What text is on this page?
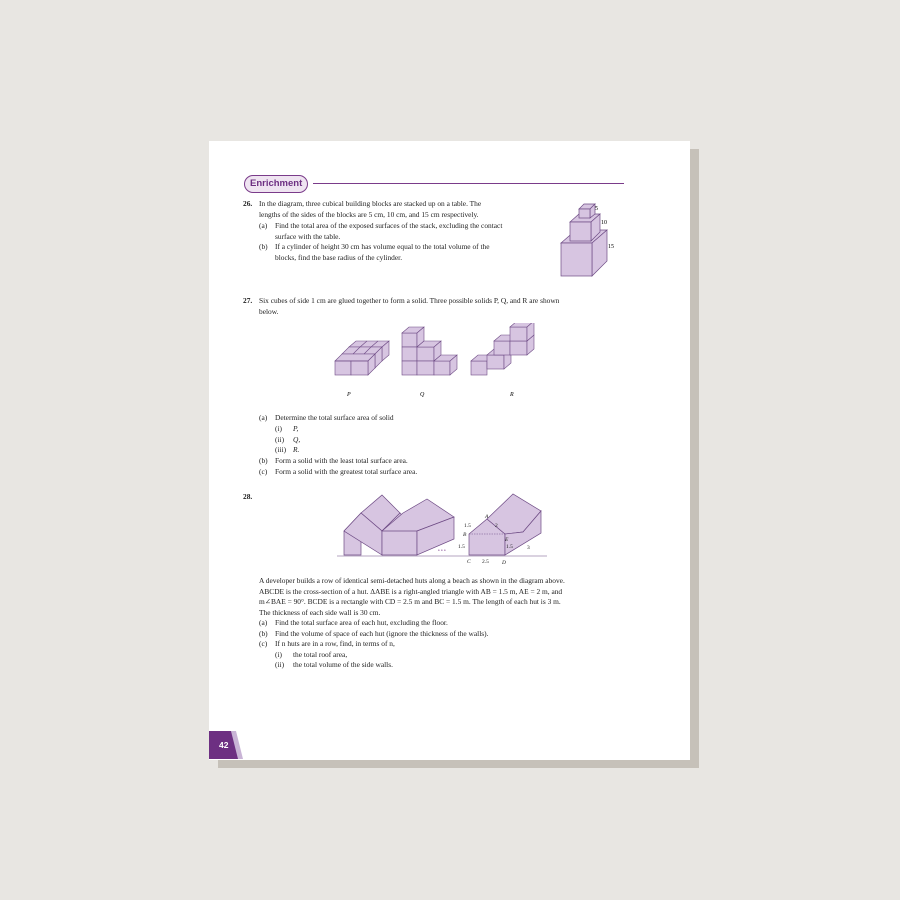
Enrichment
26. In the diagram, three cubical building blocks are stacked up on a table. The
lengths of the sides of the blocks are 5 cm, 10 cm, and 15 cm respectively.
(a) Find the total area of the exposed surfaces of the stack, excluding the contact
surface with the table.
(b) If a cylinder of height 30 cm has volume equal to the total volume of the
blocks, find the base radius of the cylinder.
5
10
15
27. Six cubes of side 1 cm are glued together to form a solid. Three possible solids P, Q, and R are shown
below.
P	Q	R
(a) Determine the total surface area of solid
(i) P,
(ii) Q,
(iii) R.
(b) Form a solid with the least total surface area.
(c) Form a solid with the greatest total surface area.
28.
• • •
A
B
C	D
E
1.5	2
1.5
2.5
1.5	3
A developer builds a row of identical semi-detached huts along a beach as shown in the diagram above.
ABCDE is the cross-section of a hut. ΔABE is a right-angled triangle with AB = 1.5 m, AE = 2 m, and
m∠BAE = 90°. BCDE is a rectangle with CD = 2.5 m and BC = 1.5 m. The length of each hut is 3 m.
The thickness of each side wall is 30 cm.
(a) Find the total surface area of each hut, excluding the floor.
(b) Find the volume of space of each hut (ignore the thickness of the walls).
(c) If n huts are in a row, find, in terms of n,
(i) the total roof area,
(ii) the total volume of the side walls.
42
